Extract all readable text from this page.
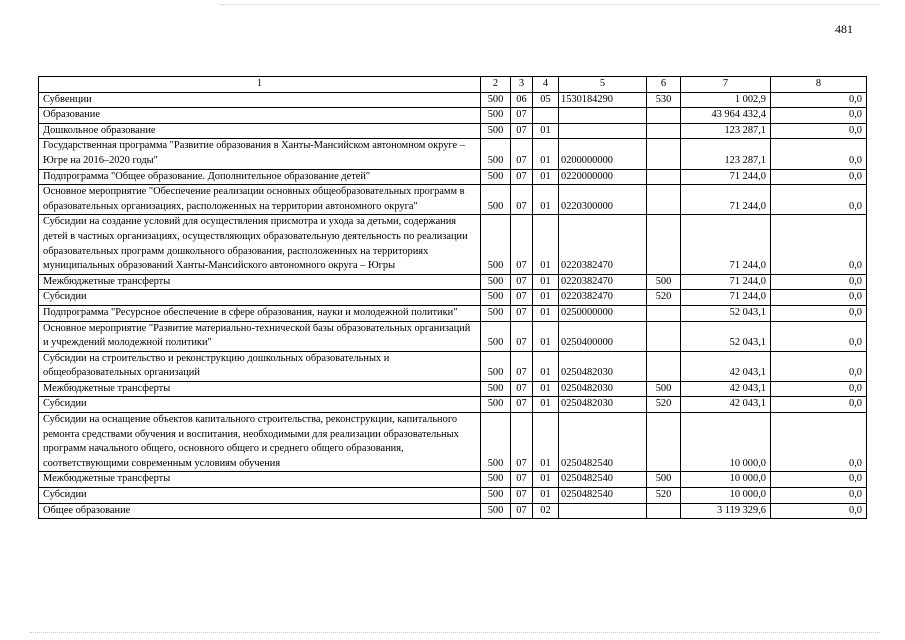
481
1	2	3	4	5	6	7	8
Субвенции	500	06	05	1530184290	530	1 002,9	0,0
Образование	500	07				43 964 432,4	0,0
Дошкольное образование	500	07	01			123 287,1	0,0
Государственная программа "Развитие образования в Ханты-Мансийском автономном округе – Югре на 2016–2020 годы"	500	07	01	0200000000		123 287,1	0,0
Подпрограмма "Общее образование. Дополнительное образование детей"	500	07	01	0220000000		71 244,0	0,0
Основное мероприятие "Обеспечение реализации основных общеобразовательных программ в образовательных организациях, расположенных на территории автономного округа"	500	07	01	0220300000		71 244,0	0,0
Субсидии на создание условий для осуществления присмотра и ухода за детьми, содержания детей в частных организациях, осуществляющих образовательную деятельность по реализации образовательных программ дошкольного образования, расположенных на территориях муниципальных образований Ханты-Мансийского автономного округа – Югры	500	07	01	0220382470		71 244,0	0,0
Межбюджетные трансферты	500	07	01	0220382470	500	71 244,0	0,0
Субсидии	500	07	01	0220382470	520	71 244,0	0,0
Подпрограмма "Ресурсное обеспечение в сфере образования, науки и молодежной политики"	500	07	01	0250000000		52 043,1	0,0
Основное мероприятие "Развитие материально-технической базы образовательных организаций и учреждений молодежной политики"	500	07	01	0250400000		52 043,1	0,0
Субсидии на строительство и реконструкцию дошкольных образовательных и общеобразовательных организаций	500	07	01	0250482030		42 043,1	0,0
Межбюджетные трансферты	500	07	01	0250482030	500	42 043,1	0,0
Субсидии	500	07	01	0250482030	520	42 043,1	0,0
Субсидии на оснащение объектов капитального строительства, реконструкции, капитального ремонта средствами обучения и воспитания, необходимыми для реализации образовательных программ начального общего, основного общего и среднего общего образования, соответствующими современным условиям обучения	500	07	01	0250482540		10 000,0	0,0
Межбюджетные трансферты	500	07	01	0250482540	500	10 000,0	0,0
Субсидии	500	07	01	0250482540	520	10 000,0	0,0
Общее образование	500	07	02			3 119 329,6	0,0
